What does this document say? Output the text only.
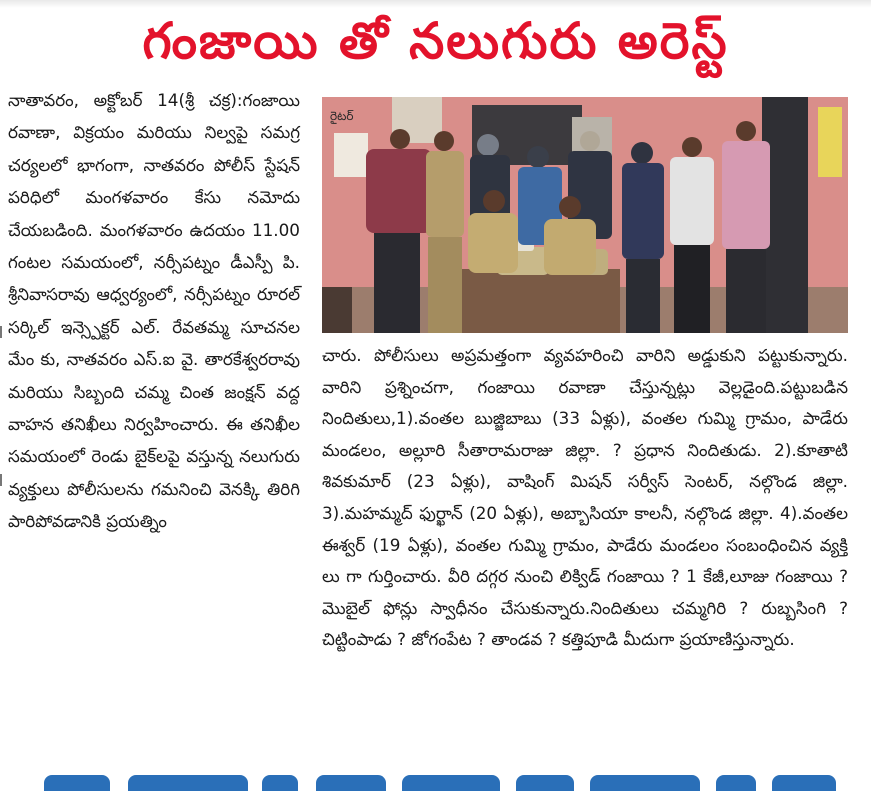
గంజాయి తో నలుగురు అరెస్ట్

నాతావరం, అక్టోబర్ 14(శ్రీ చక్ర):గంజాయి రవాణా, విక్రయం మరియు నిల్వపై సమగ్ర చర్యలలో భాగంగా, నాతవరం పోలీస్ స్టేషన్ పరిధిలో మంగళవారం కేసు నమోదు చేయబడింది. మంగళవారం ఉదయం 11.00 గంటల సమయంలో, నర్సీపట్నం డీఎస్పీ పి. శ్రీనివాసరావు ఆధ్వర్యంలో, నర్సీపట్నం రూరల్ సర్కిల్ ఇన్స్పెక్టర్ ఎల్. రేవతమ్మ సూచనల మేం కు, నాతవరం ఎస్.ఐ వై. తారకేశ్వరరావు మరియు సిబ్బంది చమ్మ చింత జంక్షన్ వద్ద వాహన తనిఖీలు నిర్వహించారు. ఈ తనిఖీల సమయంలో రెండు బైక్‌లపై వస్తున్న నలుగురు వ్యక్తులు పోలీసులను గమనించి వెనక్కి తిరిగి పారిపోవడానికి ప్రయత్నిం

రైటర్

చారు. పోలీసులు అప్రమత్తంగా వ్యవహరించి వారిని అడ్డుకుని పట్టుకున్నారు. వారిని ప్రశ్నించగా, గంజాయి రవాణా చేస్తున్నట్లు వెల్లడైంది.పట్టుబడిన నిందితులు,1).వంతల బుజ్జిబాబు (33 ఏళ్లు), వంతల గుమ్మి గ్రామం, పాడేరు మండలం, అల్లూరి సీతారామరాజు జిల్లా. ? ప్రధాన నిందితుడు. 2).కూతాటి శివకుమార్ (23 ఏళ్లు), వాషింగ్ మిషన్ సర్వీస్ సెంటర్, నల్గొండ జిల్లా. 3).మహమ్మద్ ఫుర్ఖాన్ (20 ఏళ్లు), అబ్బాసియా కాలనీ, నల్గొండ జిల్లా. 4).వంతల ఈశ్వర్ (19 ఏళ్లు), వంతల గుమ్మి గ్రామం, పాడేరు మండలం సంబంధించిన వ్యక్తి లు గా గుర్తించారు. వీరి దగ్గర నుంచి లిక్విడ్ గంజాయి ? 1 కేజీ,లూజు గంజాయి ? మొబైల్ ఫోన్లు స్వాధీనం చేసుకున్నారు.నిందితులు చమ్మగిరి ? రుబ్బసింగి ? చిట్టింపాడు ? జోగంపేట ? తాండవ ? కత్తిపూడి మీదుగా ప్రయాణిస్తున్నారు.
